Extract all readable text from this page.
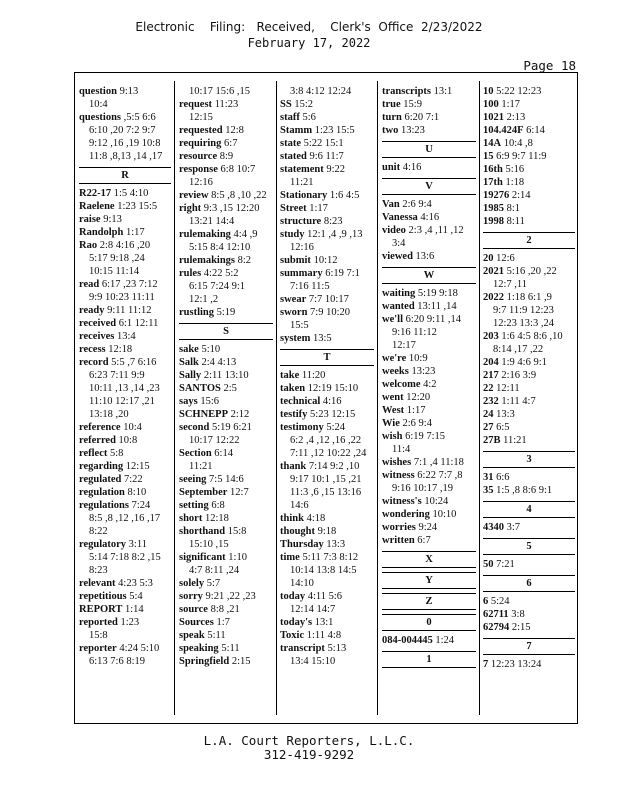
Electronic    Filing:   Received,    Clerk's  Office  2/23/2022
February 17, 2022
Page 18
question 9:13
10:4
questions ,5:5 6:6
6:10 ,20 7:2 9:7
9:12 ,16 ,19 10:8
11:8 ,8,13 ,14 ,17
R
R22-17 1:5 4:10
Raelene 1:23 15:5
raise 9:13
Randolph 1:17
Rao 2:8 4:16 ,20
5:17 9:18 ,24
10:15 11:14
read 6:17 ,23 7:12
9:9 10:23 11:11
ready 9:11 11:12
received 6:1 12:11
receives 13:4
recess 12:18
record 5:5 ,7 6:16
6:23 7:11 9:9
10:11 ,13 ,14 ,23
11:10 12:17 ,21
13:18 ,20
reference 10:4
referred 10:8
reflect 5:8
regarding 12:15
regulated 7:22
regulation 8:10
regulations 7:24
8:5 ,8 ,12 ,16 ,17
8:22
regulatory 3:11
5:14 7:18 8:2 ,15
8:23
relevant 4:23 5:3
repetitious 5:4
REPORT 1:14
reported 1:23
15:8
reporter 4:24 5:10
6:13 7:6 8:19
10:17 15:6 ,15
request 11:23
12:15
requested 12:8
requiring 6:7
resource 8:9
response 6:8 10:7
12:16
review 8:5 ,8 ,10 ,22
right 9:3 ,15 12:20
13:21 14:4
rulemaking 4:4 ,9
5:15 8:4 12:10
rulemakings 8:2
rules 4:22 5:2
6:15 7:24 9:1
12:1 ,2
rustling 5:19
S
sake 5:10
Salk 2:4 4:13
Sally 2:11 13:10
SANTOS 2:5
says 15:6
SCHNEPP 2:12
second 5:19 6:21
10:17 12:22
Section 6:14
11:21
seeing 7:5 14:6
September 12:7
setting 6:8
short 12:18
shorthand 15:8
15:10 ,15
significant 1:10
4:7 8:11 ,24
solely 5:7
sorry 9:21 ,22 ,23
source 8:8 ,21
Sources 1:7
speak 5:11
speaking 5:11
Springfield 2:15
3:8 4:12 12:24
SS 15:2
staff 5:6
Stamm 1:23 15:5
state 5:22 15:1
stated 9:6 11:7
statement 9:22
11:21
Stationary 1:6 4:5
Street 1:17
structure 8:23
study 12:1 ,4 ,9 ,13
12:16
submit 10:12
summary 6:19 7:1
7:16 11:5
swear 7:7 10:17
sworn 7:9 10:20
15:5
system 13:5
T
take 11:20
taken 12:19 15:10
technical 4:16
testify 5:23 12:15
testimony 5:24
6:2 ,4 ,12 ,16 ,22
7:11 ,12 10:22 ,24
thank 7:14 9:2 ,10
9:17 10:1 ,15 ,21
11:3 ,6 ,15 13:16
14:6
think 4:18
thought 9:18
Thursday 13:3
time 5:11 7:3 8:12
10:14 13:8 14:5
14:10
today 4:11 5:6
12:14 14:7
today's 13:1
Toxic 1:11 4:8
transcript 5:13
13:4 15:10
transcripts 13:1
true 15:9
turn 6:20 7:1
two 13:23
U
unit 4:16
V
Van 2:6 9:4
Vanessa 4:16
video 2:3 ,4 ,11 ,12
3:4
viewed 13:6
W
waiting 5:19 9:18
wanted 13:11 ,14
we'll 6:20 9:11 ,14
9:16 11:12
12:17
we're 10:9
weeks 13:23
welcome 4:2
went 12:20
West 1:17
Wie 2:6 9:4
wish 6:19 7:15
11:4
wishes 7:1 ,4 11:18
witness 6:22 7:7 ,8
9:16 10:17 ,19
witness's 10:24
wondering 10:10
worries 9:24
written 6:7
X
Y
Z
0
084-004445 1:24
1
10 5:22 12:23
100 1:17
1021 2:13
104.424F 6:14
14A 10:4 ,8
15 6:9 9:7 11:9
16th 5:16
17th 1:18
19276 2:14
1985 8:1
1998 8:11
2
20 12:6
2021 5:16 ,20 ,22
12:7 ,11
2022 1:18 6:1 ,9
9:7 11:9 12:23
12:23 13:3 ,24
203 1:6 4:5 8:6 ,10
8:14 ,17 ,22
204 1:9 4:6 9:1
217 2:16 3:9
22 12:11
232 1:11 4:7
24 13:3
27 6:5
27B 11:21
3
31 6:6
35 1:5 ,8 8:6 9:1
4
4340 3:7
5
50 7:21
6
6 5:24
62711 3:8
62794 2:15
7
7 12:23 13:24
L.A. Court Reporters, L.L.C.
312-419-9292
